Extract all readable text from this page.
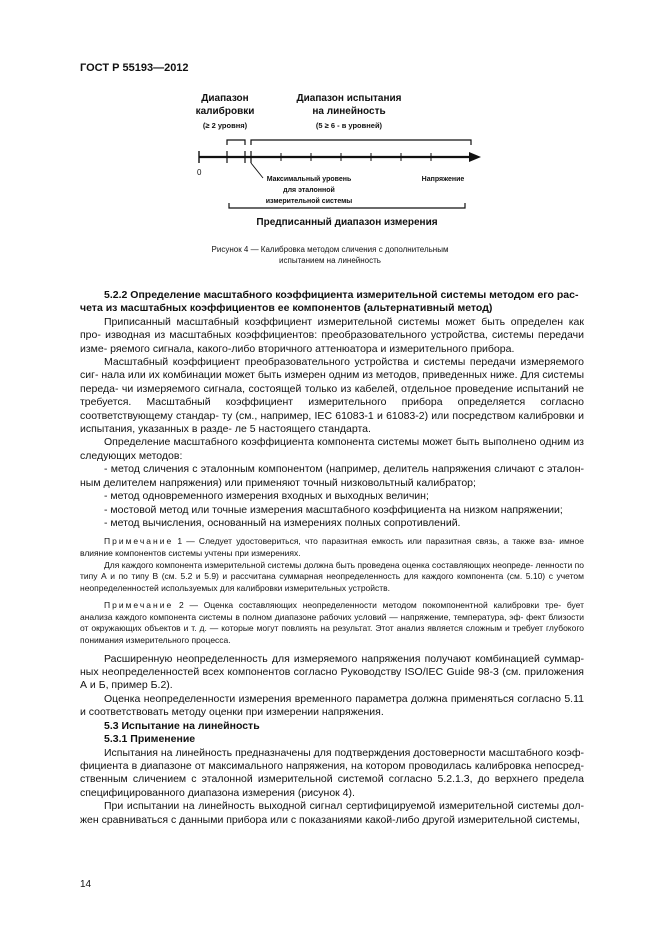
ГОСТ Р 55193—2012
Диапазон
калибровки
(≥ 2 уровня)
Диапазон испытания
на линейность
(5 ≥ 6 - в уровней)
0
Напряжение
Максимальный уровень
для эталонной
измерительной системы
Предписанный диапазон измерения
Рисунок 4 — Калибровка методом сличения с дополнительным
испытанием на линейность

5.2.2 Определение масштабного коэффициента измерительной системы методом его рас-

чета из масштабных коэффициентов ее компонентов (альтернативный метод)

Приписанный масштабный коэффициент измерительной системы может быть определен как про- изводная из масштабных коэффициентов: преобразовательного устройства, системы передачи изме- ряемого сигнала, какого-либо вторичного аттенюатора и измерительного прибора.

Масштабный коэффициент преобразовательного устройства и системы передачи измеряемого сиг- нала или их комбинации может быть измерен одним из методов, приведенных ниже. Для системы переда- чи измеряемого сигнала, состоящей только из кабелей, отдельное проведение испытаний не требуется. Масштабный коэффициент измерительного прибора определяется согласно соответствующему стандар- ту (см., например, IEC 61083-1 и 61083-2) или посредством калибровки и испытания, указанных в разде- ле 5 настоящего стандарта.

Определение масштабного коэффициента компонента системы может быть выполнено одним из следующих методов:

- метод сличения с эталонным компонентом (например, делитель напряжения сличают с эталон- ным делителем напряжения) или применяют точный низковольтный калибратор;

- метод одновременного измерения входных и выходных величин;

- мостовой метод или точные измерения масштабного коэффициента на низком напряжении;

- метод вычисления, основанный на измерениях полных сопротивлений.

Примечание 1 — Следует удостовериться, что паразитная емкость или паразитная связь, а также вза- имное влияние компонентов системы учтены при измерениях.

Для каждого компонента измерительной системы должна быть проведена оценка составляющих неопреде- ленности по типу А и по типу В (см. 5.2 и 5.9) и рассчитана суммарная неопределенность для каждого компонента (см. 5.10) с учетом неопределенностей используемых для калибровки измерительных устройств.

Примечание 2 — Оценка составляющих неопределенности методом покомпонентной калибровки тре- бует анализа каждого компонента системы в полном диапазоне рабочих условий — напряжение, температура, эф- фект близости от окружающих объектов и т. д. — которые могут повлиять на результат. Этот анализ является сложным и требует глубокого понимания измерительного процесса.

Расширенную неопределенность для измеряемого напряжения получают комбинацией суммар- ных неопределенностей всех компонентов согласно Руководству ISO/IEC Guide 98-3 (см. приложения А и Б, пример Б.2).

Оценка неопределенности измерения временного параметра должна применяться согласно 5.11 и соответствовать методу оценки при измерении напряжения.

5.3 Испытание на линейность

5.3.1 Применение

Испытания на линейность предназначены для подтверждения достоверности масштабного коэф- фициента в диапазоне от максимального напряжения, на котором проводилась калибровка непосред- ственным сличением с эталонной измерительной системой согласно 5.2.1.3, до верхнего предела специфицированного диапазона измерения (рисунок 4).

При испытании на линейность выходной сигнал сертифицируемой измерительной системы дол- жен сравниваться с данными прибора или с показаниями какой-либо другой измерительной системы,

14
